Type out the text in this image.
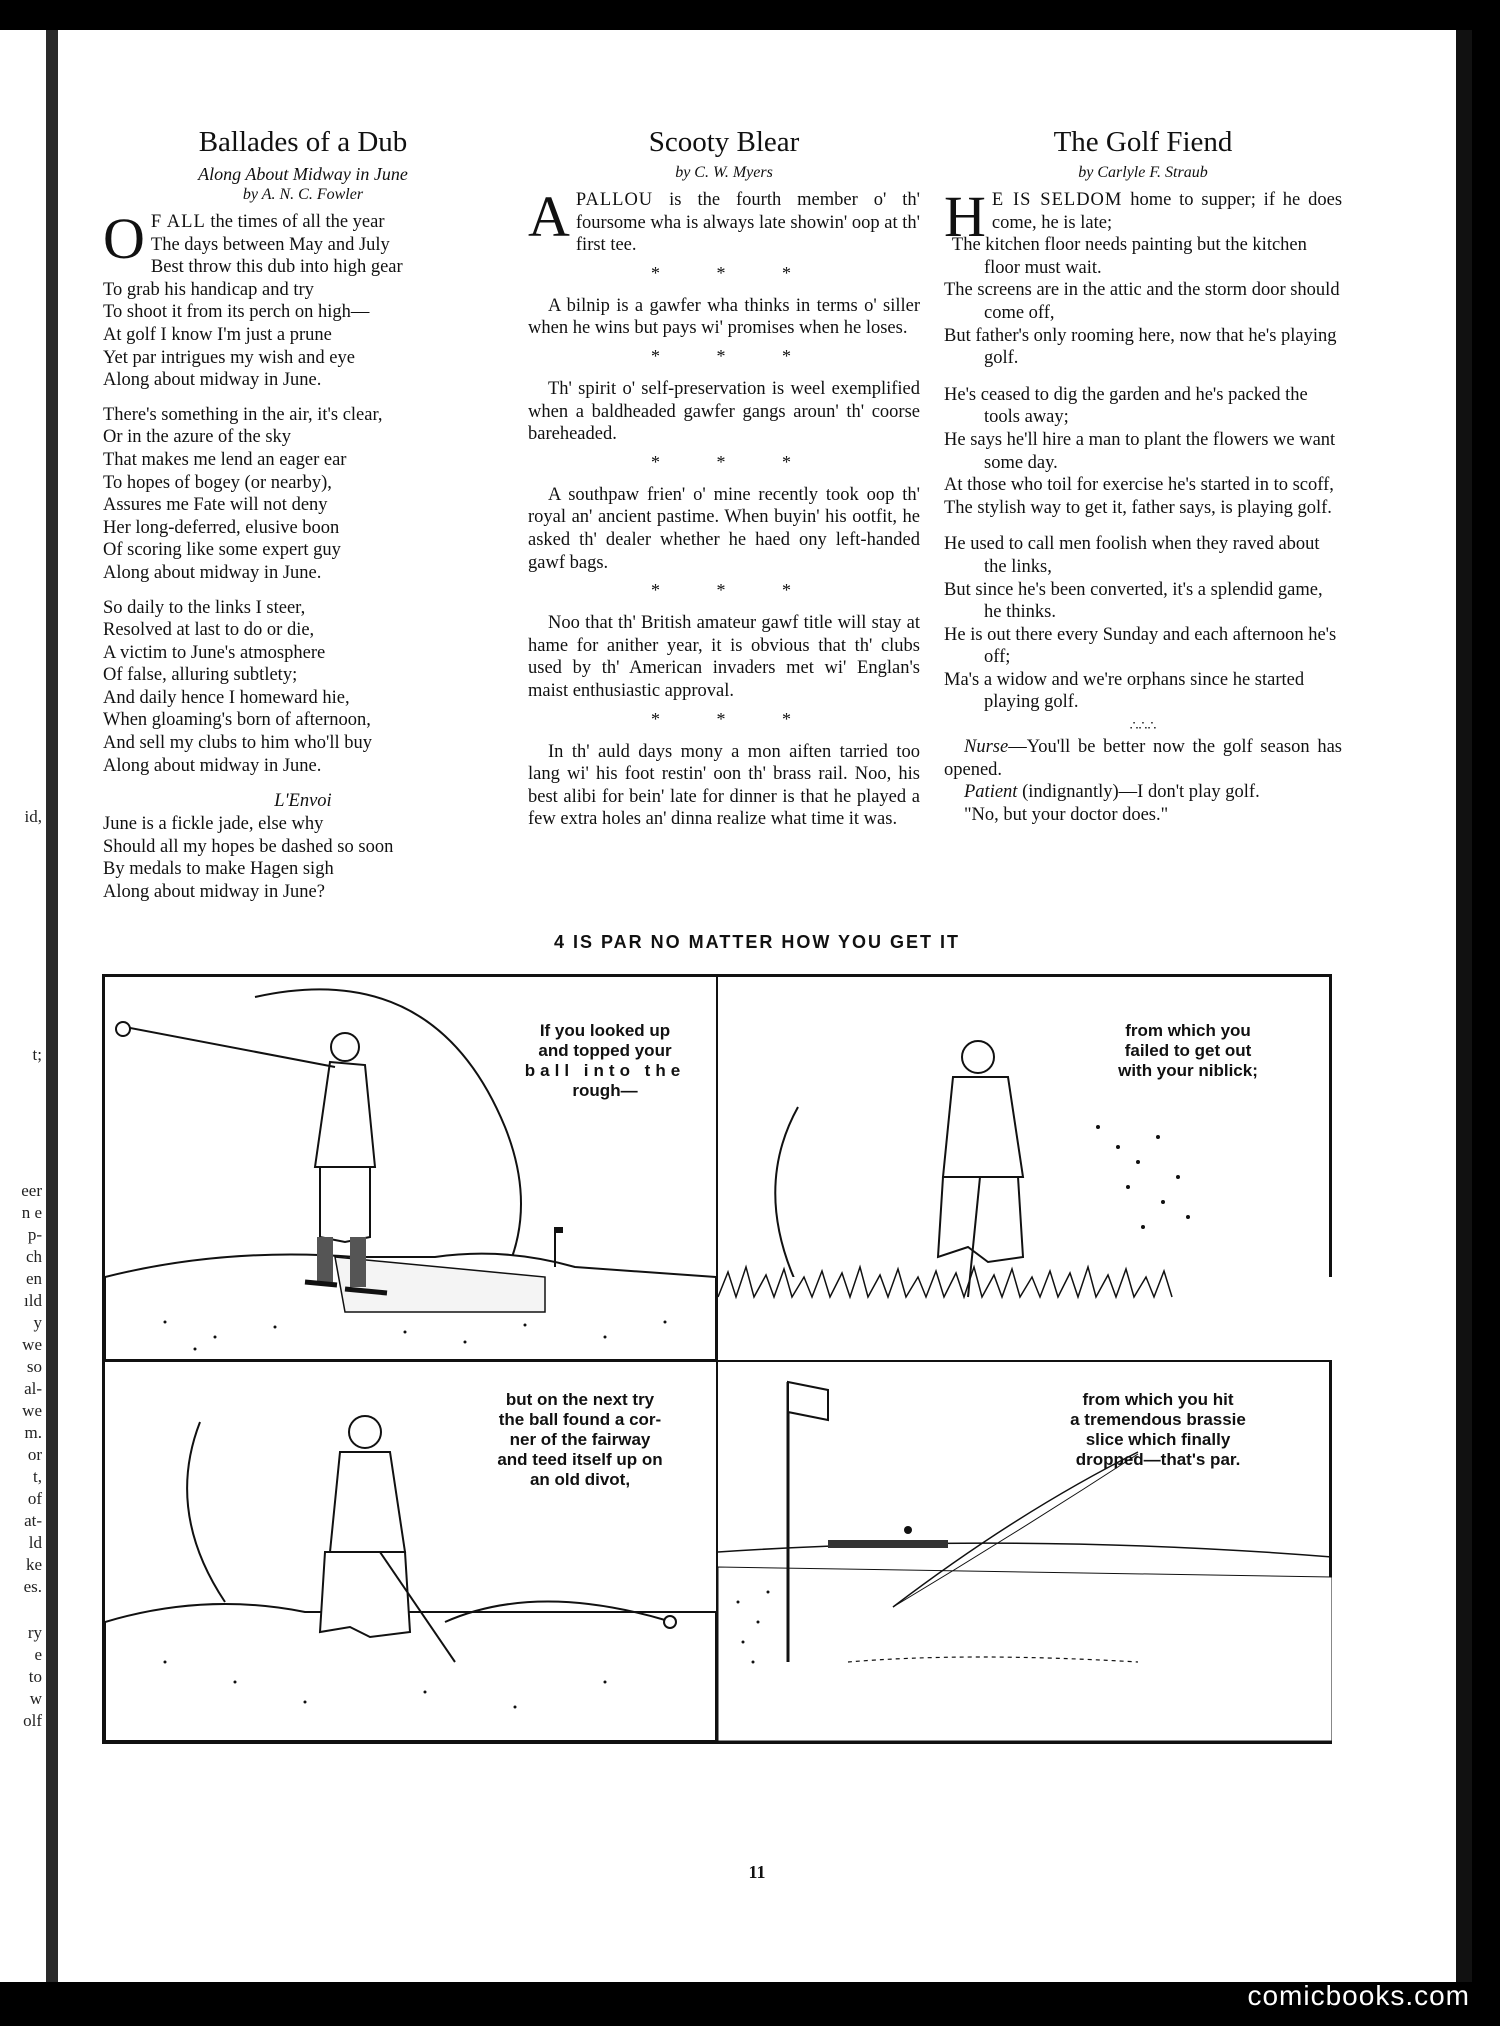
id,
t;
eer
n e
p-
ch
en
ıld
y
we
so
al-
we
m.
or
t,
of
at-
ld
ke
es.
ry
e
to
w
olf
Ballades of a Dub
Along About Midway in June
by A. N. C. Fowler
O F ALL the times of all the year
The days between May and July
Best throw this dub into high gear
To grab his handicap and try
To shoot it from its perch on high—
At golf I know I'm just a prune
Yet par intrigues my wish and eye
Along about midway in June.
There's something in the air, it's clear,
Or in the azure of the sky
That makes me lend an eager ear
To hopes of bogey (or nearby),
Assures me Fate will not deny
Her long-deferred, elusive boon
Of scoring like some expert guy
Along about midway in June.
So daily to the links I steer,
Resolved at last to do or die,
A victim to June's atmosphere
Of false, alluring subtlety;
And daily hence I homeward hie,
When gloaming's born of afternoon,
And sell my clubs to him who'll buy
Along about midway in June.
L'Envoi
June is a fickle jade, else why
Should all my hopes be dashed so soon
By medals to make Hagen sigh
Along about midway in June?
Scooty Blear
by C. W. Myers

APALLOU is the fourth member o' th' foursome wha is always late showin' oop at th' first tee.

* * *

A bilnip is a gawfer wha thinks in terms o' siller when he wins but pays wi' promises when he loses.

* * *

Th' spirit o' self-preservation is weel exemplified when a baldheaded gawfer gangs aroun' th' coorse bareheaded.

* * *

A southpaw frien' o' mine recently took oop th' royal an' ancient pastime. When buyin' his ootfit, he asked th' dealer whether he haed ony left-handed gawf bags.

* * *

Noo that th' British amateur gawf title will stay at hame for anither year, it is obvious that th' clubs used by th' American invaders met wi' Englan's maist enthusiastic approval.

* * *

In th' auld days mony a mon aiften tarried too lang wi' his foot restin' oon th' brass rail. Noo, his best alibi for bein' late for dinner is that he played a few extra holes an' dinna realize what time it was.

The Golf Fiend
by Carlyle F. Straub

H E IS SELDOM home to supper; if he does come, he is late;

The kitchen floor needs painting but the kitchen floor must wait.

The screens are in the attic and the storm door should come off,

But father's only rooming here, now that he's playing golf.

He's ceased to dig the garden and he's packed the tools away;

He says he'll hire a man to plant the flowers we want some day.

At those who toil for exercise he's started in to scoff,

The stylish way to get it, father says, is playing golf.

He used to call men foolish when they raved about the links,

But since he's been converted, it's a splendid game, he thinks.

He is out there every Sunday and each afternoon he's off;

Ma's a widow and we're orphans since he started playing golf.

∴∴∴

Nurse—You'll be better now the golf season has opened.

Patient (indignantly)—I don't play golf.

"No, but your doctor does."

4 IS PAR NO MATTER HOW YOU GET IT
If you looked up
and topped your
ball into the
rough—
from which you
failed to get out
with your niblick;
but on the next try
the ball found a cor-
ner of the fairway
and teed itself up on
an old divot,
from which you hit
a tremendous brassie
slice which finally
dropped—that's par.
11
comicbooks.com
